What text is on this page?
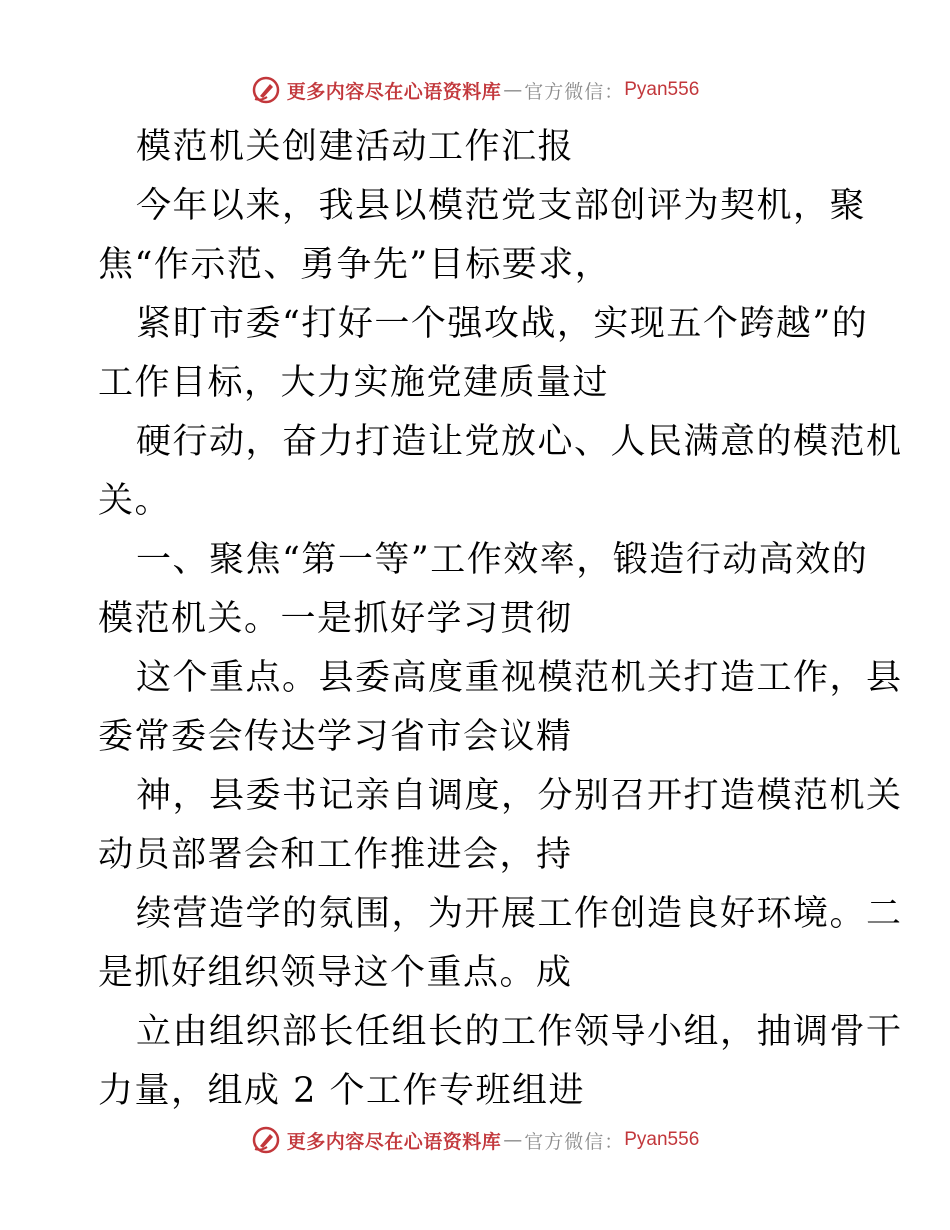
更多内容尽在心语资料库 — 官方微信： Pyan556
模范机关创建活动工作汇报
今年以来，我县以模范党支部创评为契机，聚
焦“作示范、勇争先”目标要求，
紧盯市委“打好一个强攻战，实现五个跨越”的
工作目标，大力实施党建质量过
硬行动，奋力打造让党放心、人民满意的模范机
关。
一、聚焦“第一等”工作效率，锻造行动高效的
模范机关。一是抓好学习贯彻
这个重点。县委高度重视模范机关打造工作，县
委常委会传达学习省市会议精
神，县委书记亲自调度，分别召开打造模范机关
动员部署会和工作推进会，持
续营造学的氛围，为开展工作创造良好环境。二
是抓好组织领导这个重点。成
立由组织部长任组长的工作领导小组，抽调骨干
力量，组成 2 个工作专班组进
更多内容尽在心语资料库 — 官方微信： Pyan556
